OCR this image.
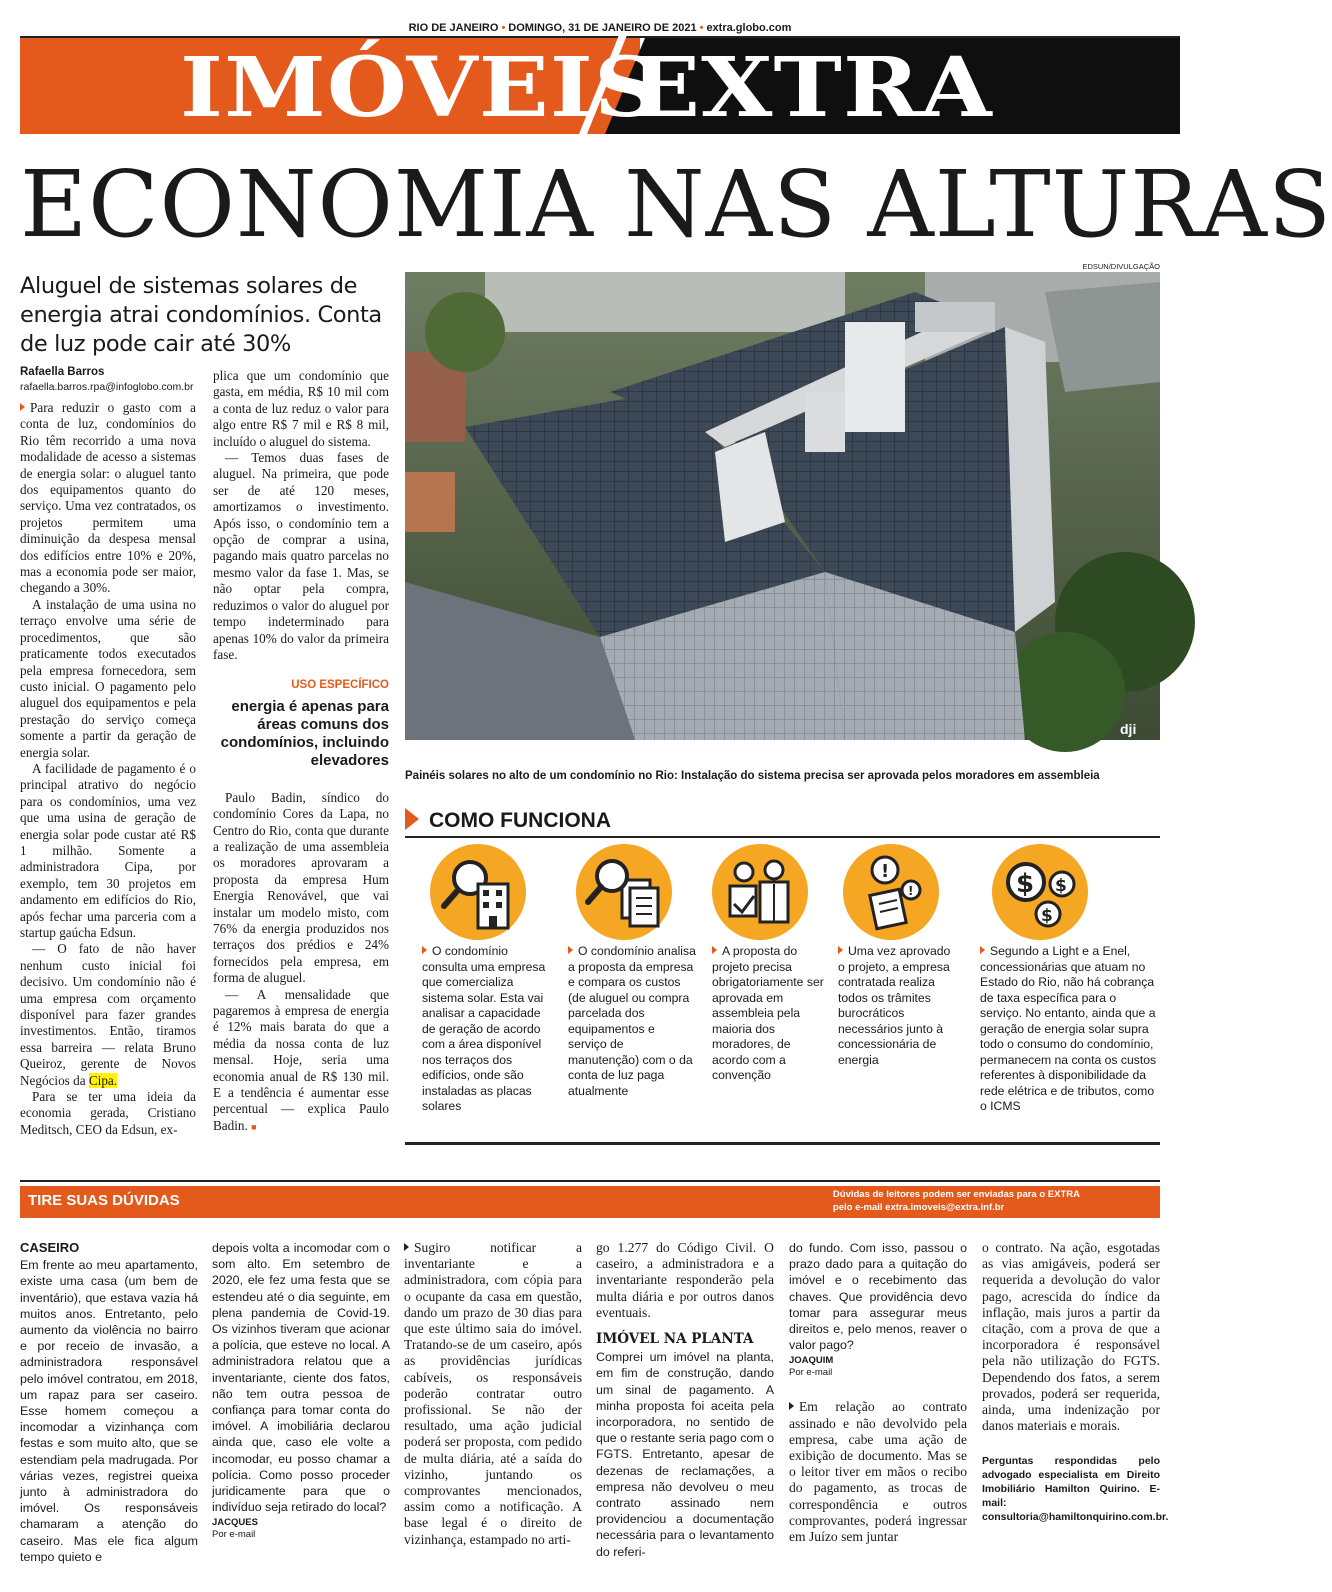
RIO DE JANEIRO • DOMINGO, 31 DE JANEIRO DE 2021 • extra.globo.com
IMÓVEIS
EXTRA
ECONOMIA NAS ALTURAS
Aluguel de sistemas solares de energia atrai condomínios. Conta de luz pode cair até 30%
Rafaella Barros
rafaella.barros.rpa@infoglobo.com.br

Para reduzir o gasto com a conta de luz, condomínios do Rio têm recorrido a uma nova modalidade de acesso a sistemas de energia solar: o aluguel tanto dos equipamentos quanto do serviço. Uma vez contratados, os projetos permitem uma diminuição da despesa mensal dos edifícios entre 10% e 20%, mas a economia pode ser maior, chegando a 30%.

A instalação de uma usina no terraço envolve uma série de procedimentos, que são praticamente todos executados pela empresa fornecedora, sem custo inicial. O pagamento pelo aluguel dos equipamentos e pela prestação do serviço começa somente a partir da geração de energia solar.

A facilidade de pagamento é o principal atrativo do negócio para os condomínios, uma vez que uma usina de geração de energia solar pode custar até R$ 1 milhão. Somente a administradora Cipa, por exemplo, tem 30 projetos em andamento em edifícios do Rio, após fechar uma parceria com a startup gaúcha Edsun.

— O fato de não haver nenhum custo inicial foi decisivo. Um condomínio não é uma empresa com orçamento disponível para fazer grandes investimentos. Então, tiramos essa barreira — relata Bruno Queiroz, gerente de Novos Negócios da Cipa.

Para se ter uma ideia da economia gerada, Cristiano Meditsch, CEO da Edsun, ex-

plica que um condomínio que gasta, em média, R$ 10 mil com a conta de luz reduz o valor para algo entre R$ 7 mil e R$ 8 mil, incluído o aluguel do sistema.

— Temos duas fases de aluguel. Na primeira, que pode ser de até 120 meses, amortizamos o investimento. Após isso, o condomínio tem a opção de comprar a usina, pagando mais quatro parcelas no mesmo valor da fase 1. Mas, se não optar pela compra, reduzimos o valor do aluguel por tempo indeterminado para apenas 10% do valor da primeira fase.

USO ESPECÍFICO
energia é apenas para áreas comuns dos condomínios, incluindo elevadores

Paulo Badin, síndico do condomínio Cores da Lapa, no Centro do Rio, conta que durante a realização de uma assembleia os moradores aprovaram a proposta da empresa Hum Energia Renovável, que vai instalar um modelo misto, com 76% da energia produzidos nos terraços dos prédios e 24% fornecidos pela empresa, em forma de aluguel.

— A mensalidade que pagaremos à empresa de energia é 12% mais barata do que a média da nossa conta de luz mensal. Hoje, seria uma economia anual de R$ 130 mil. E a tendência é aumentar esse percentual — explica Paulo Badin. ■

EDSUN/DIVULGAÇÃO
dji
Painéis solares no alto de um condomínio no Rio: Instalação do sistema precisa ser aprovada pelos moradores em assembleia
COMO FUNCIONA
!
!	$ $
$
O condomínio consulta uma empresa que comercializa sistema solar. Esta vai analisar a capacidade de geração de acordo com a área disponível nos terraços dos edifícios, onde são instaladas as placas solares
O condomínio analisa a proposta da empresa e compara os custos (de aluguel ou compra parcelada dos equipamentos e serviço de manutenção) com o da conta de luz paga atualmente
A proposta do projeto precisa obrigatoriamente ser aprovada em assembleia pela maioria dos moradores, de acordo com a convenção
Uma vez aprovado o projeto, a empresa contratada realiza todos os trâmites burocráticos necessários junto à concessionária de energia
Segundo a Light e a Enel, concessionárias que atuam no Estado do Rio, não há cobrança de taxa específica para o serviço. No entanto, ainda que a geração de energia solar supra todo o consumo do condomínio, permanecem na conta os custos referentes à disponibilidade da rede elétrica e de tributos, como o ICMS
TIRE SUAS DÚVIDAS	Dúvidas de leitores podem ser enviadas para o EXTRA
pelo e-mail extra.imoveis@extra.inf.br
CASEIRO
Em frente ao meu apartamento, existe uma casa (um bem de inventário), que estava vazia há muitos anos. Entretanto, pelo aumento da violência no bairro e por receio de invasão, a administradora responsável pelo imóvel contratou, em 2018, um rapaz para ser caseiro. Esse homem começou a incomodar a vizinhança com festas e som muito alto, que se estendiam pela madrugada. Por várias vezes, registrei queixa junto à administradora do imóvel. Os responsáveis chamaram a atenção do caseiro. Mas ele fica algum tempo quieto e
depois volta a incomodar com o som alto. Em setembro de 2020, ele fez uma festa que se estendeu até o dia seguinte, em plena pandemia de Covid-19. Os vizinhos tiveram que acionar a polícia, que esteve no local. A administradora relatou que a inventariante, ciente dos fatos, não tem outra pessoa de confiança para tomar conta do imóvel. A imobiliária declarou ainda que, caso ele volte a incomodar, eu posso chamar a polícia. Como posso proceder juridicamente para que o indivíduo seja retirado do local?
JACQUES
Por e-mail
Sugiro notificar a inventariante e a administradora, com cópia para o ocupante da casa em questão, dando um prazo de 30 dias para que este último saia do imóvel. Tratando-se de um caseiro, após as providências jurídicas cabíveis, os responsáveis poderão contratar outro profissional. Se não der resultado, uma ação judicial poderá ser proposta, com pedido de multa diária, até a saída do vizinho, juntando os comprovantes mencionados, assim como a notificação. A base legal é o direito de vizinhança, estampado no arti-
go 1.277 do Código Civil. O caseiro, a administradora e a inventariante responderão pela multa diária e por outros danos eventuais.
IMÓVEL NA PLANTA
Comprei um imóvel na planta, em fim de construção, dando um sinal de pagamento. A minha proposta foi aceita pela incorporadora, no sentido de que o restante seria pago com o FGTS. Entretanto, apesar de dezenas de reclamações, a empresa não devolveu o meu contrato assinado nem providenciou a documentação necessária para o levantamento do referi-
do fundo. Com isso, passou o prazo dado para a quitação do imóvel e o recebimento das chaves. Que providência devo tomar para assegurar meus direitos e, pelo menos, reaver o valor pago?
JOAQUIM
Por e-mail
Em relação ao contrato assinado e não devolvido pela empresa, cabe uma ação de exibição de documento. Mas se o leitor tiver em mãos o recibo do pagamento, as trocas de correspondência e outros comprovantes, poderá ingressar em Juízo sem juntar
o contrato. Na ação, esgotadas as vias amigáveis, poderá ser requerida a devolução do valor pago, acrescida do índice da inflação, mais juros a partir da citação, com a prova de que a incorporadora é responsável pela não utilização do FGTS. Dependendo dos fatos, a serem provados, poderá ser requerida, ainda, uma indenização por danos materiais e morais.
Perguntas respondidas pelo advogado especialista em Direito Imobiliário Hamilton Quirino. E-mail: consultoria@hamiltonquirino.com.br.
